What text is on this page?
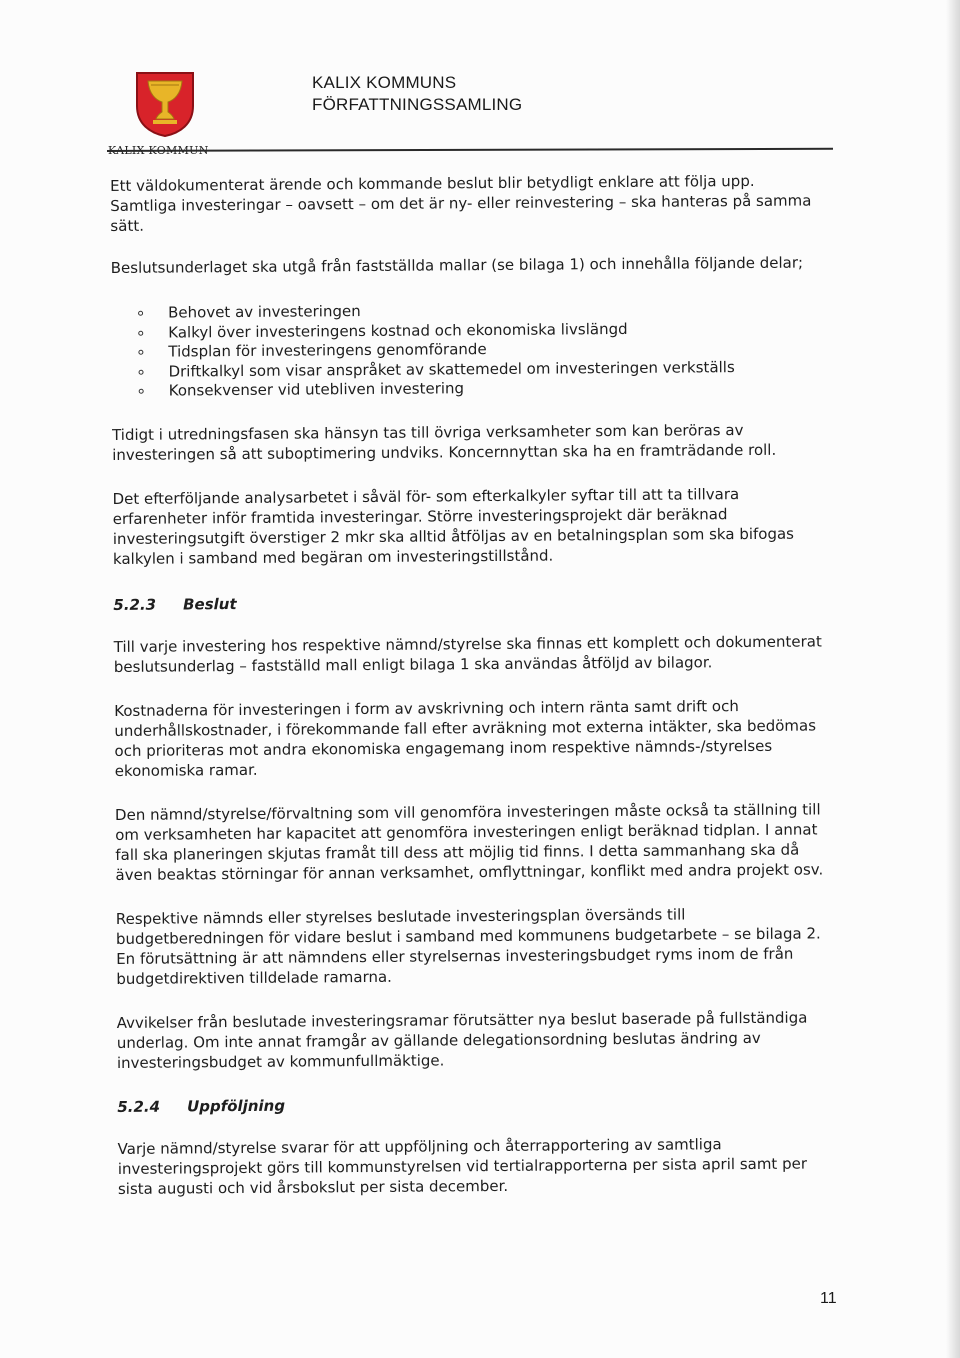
KALIX KOMMUNS
FÖRFATTNINGSSAMLING

Ett väldokumenterat ärende och kommande beslut blir betydligt enklare att följa upp. Samtliga investeringar – oavsett – om det är ny- eller reinvestering – ska hanteras på samma sätt.

Beslutsunderlaget ska utgå från fastställda mallar (se bilaga 1) och innehålla följande delar;

Behovet av investeringen
Kalkyl över investeringens kostnad och ekonomiska livslängd
Tidsplan för investeringens genomförande
Driftkalkyl som visar anspråket av skattemedel om investeringen verkställs
Konsekvenser vid utebliven investering

Tidigt i utredningsfasen ska hänsyn tas till övriga verksamheter som kan beröras av investeringen så att suboptimering undviks. Koncernnyttan ska ha en framträdande roll.

Det efterföljande analysarbetet i såväl för- som efterkalkyler syftar till att ta tillvara erfarenheter inför framtida investeringar. Större investeringsprojekt där beräknad investeringsutgift överstiger 2 mkr ska alltid åtföljas av en betalningsplan som ska bifogas kalkylen i samband med begäran om investeringstillstånd.

5.2.3 Beslut

Till varje investering hos respektive nämnd/styrelse ska finnas ett komplett och dokumenterat beslutsunderlag – fastställd mall enligt bilaga 1 ska användas åtföljd av bilagor.

Kostnaderna för investeringen i form av avskrivning och intern ränta samt drift och underhållskostnader, i förekommande fall efter avräkning mot externa intäkter, ska bedömas och prioriteras mot andra ekonomiska engagemang inom respektive nämnds-/styrelses ekonomiska ramar.

Den nämnd/styrelse/förvaltning som vill genomföra investeringen måste också ta ställning till om verksamheten har kapacitet att genomföra investeringen enligt beräknad tidplan. I annat fall ska planeringen skjutas framåt till dess att möjlig tid finns. I detta sammanhang ska då även beaktas störningar för annan verksamhet, omflyttningar, konflikt med andra projekt osv.

Respektive nämnds eller styrelses beslutade investeringsplan översänds till budgetberedningen för vidare beslut i samband med kommunens budgetarbete – se bilaga 2. En förutsättning är att nämndens eller styrelsernas investeringsbudget ryms inom de från budgetdirektiven tilldelade ramarna.

Avvikelser från beslutade investeringsramar förutsätter nya beslut baserade på fullständiga underlag. Om inte annat framgår av gällande delegationsordning beslutas ändring av investeringsbudget av kommunfullmäktige.

5.2.4 Uppföljning

Varje nämnd/styrelse svarar för att uppföljning och återrapportering av samtliga investeringsprojekt görs till kommunstyrelsen vid tertialrapporterna per sista april samt per sista augusti och vid årsbokslut per sista december.

11
